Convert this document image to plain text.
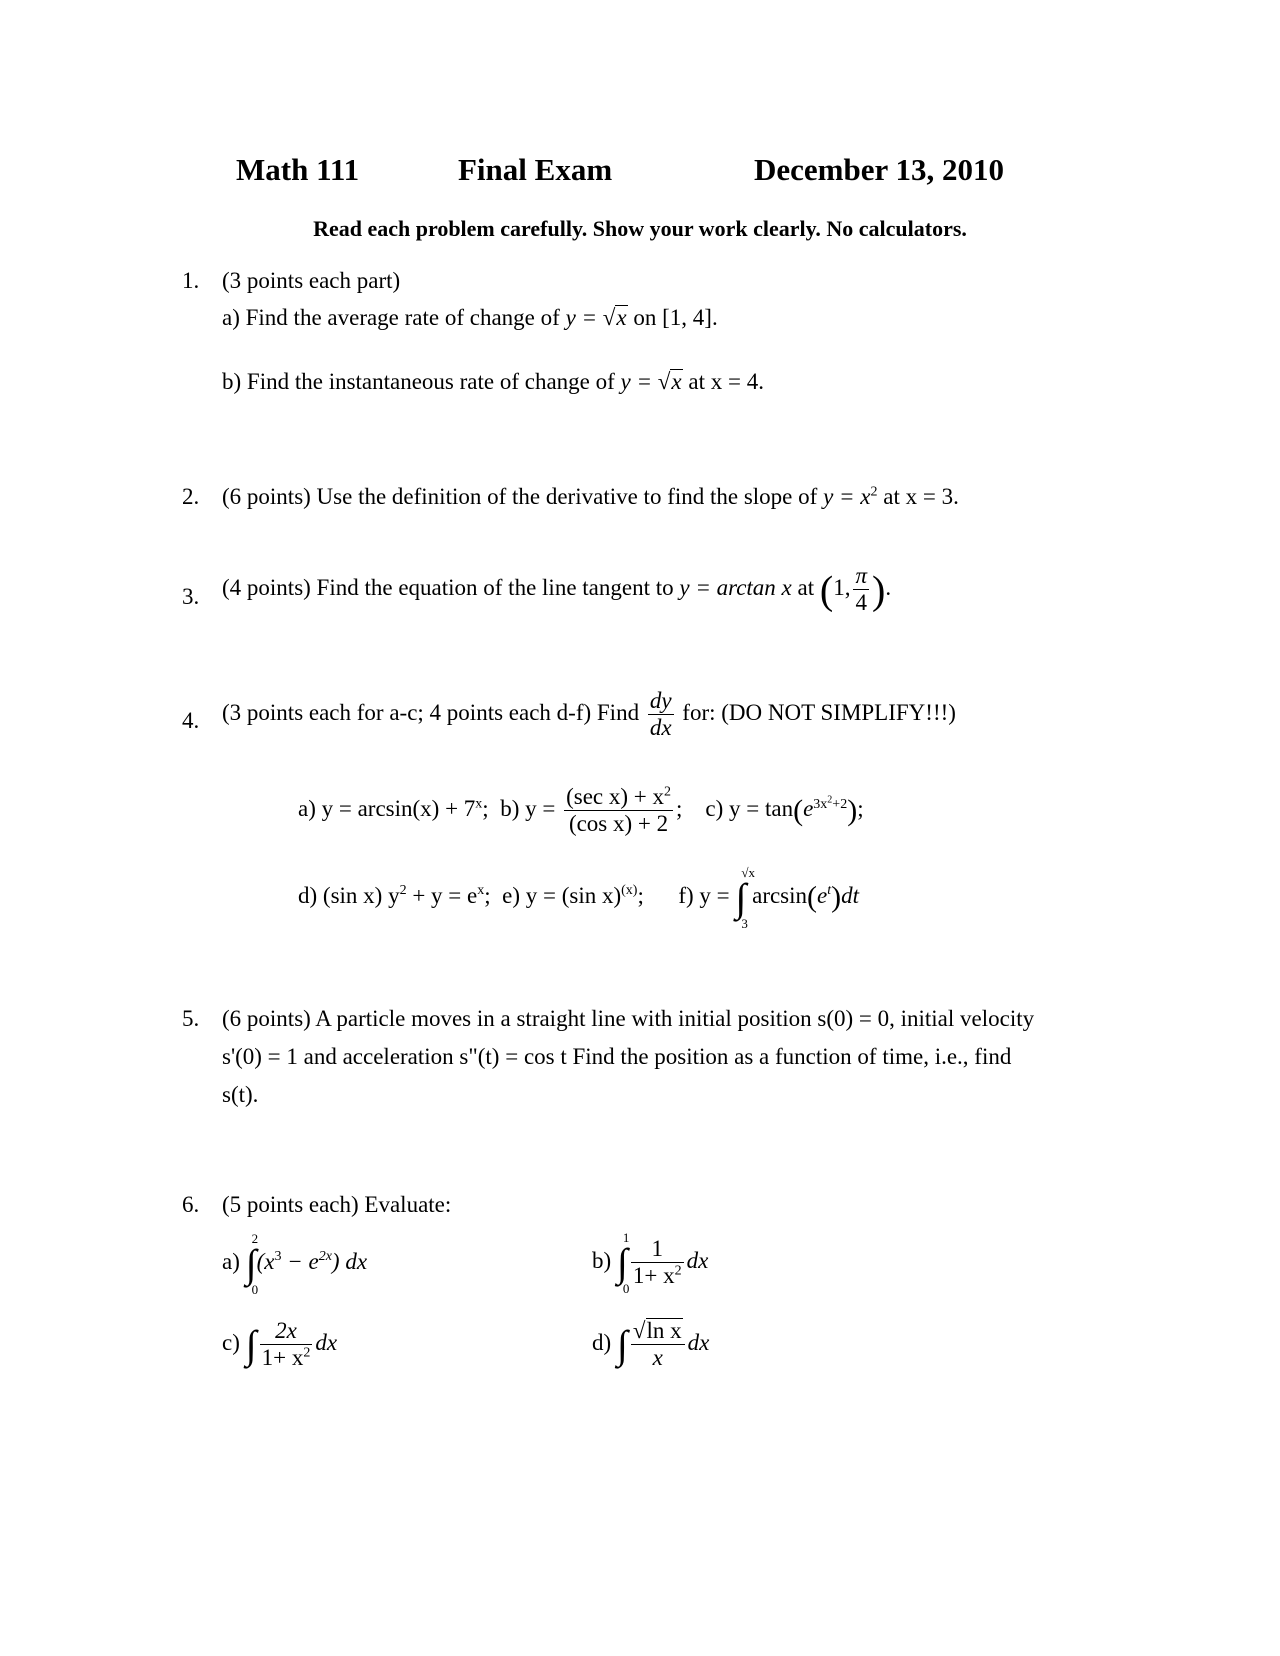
Math 111	Final Exam	December 13, 2010
Read each problem carefully. Show your work clearly. No calculators.
1. (3 points each part)
a) Find the average rate of change of y = √x on [1, 4].
b) Find the instantaneous rate of change of y = √x at x = 4.
2. (6 points) Use the definition of the derivative to find the slope of $y = x^2$ at x = 3.
3. (4 points) Find the equation of the line tangent to y = arctan x at (1, $\frac{\pi}{4}$ ).
4. (3 points each for a-c; 4 points each d-f) Find $\frac{dy}{dx}$ for: (DO NOT SIMPLIFY!!!)
a) $y = \arcsin(x) + 7^x$; b) $y = \frac{(\sec x) + x^2}{\text{(cos x) + 2}}$ ; c) $y = \tan(e^{3x^2+2})$;
d) (sin x) $y^2 + y = e^x$; e) y = (sin x)$^{(x)}$; f) y = ∫
√x
3
$\arcsin(e^t)dt$
5. (6 points) A particle moves in a straight line with initial position s(0) = 0, initial velocity
s'(0) = 1 and acceleration s"(t) = cos t Find the position as a function of time, i.e., find
s(t).
6. (5 points each) Evaluate:
a) ∫
2
0
$(x^3 - e^{2x})$ dx	b) ∫
1
$0 \frac{1}{1+ x^2}$ dx
c) ∫ $\frac{2x}{1+ x^2}$ dx	d) ∫ $\frac{\text{√ln x}}{x}$ dx
